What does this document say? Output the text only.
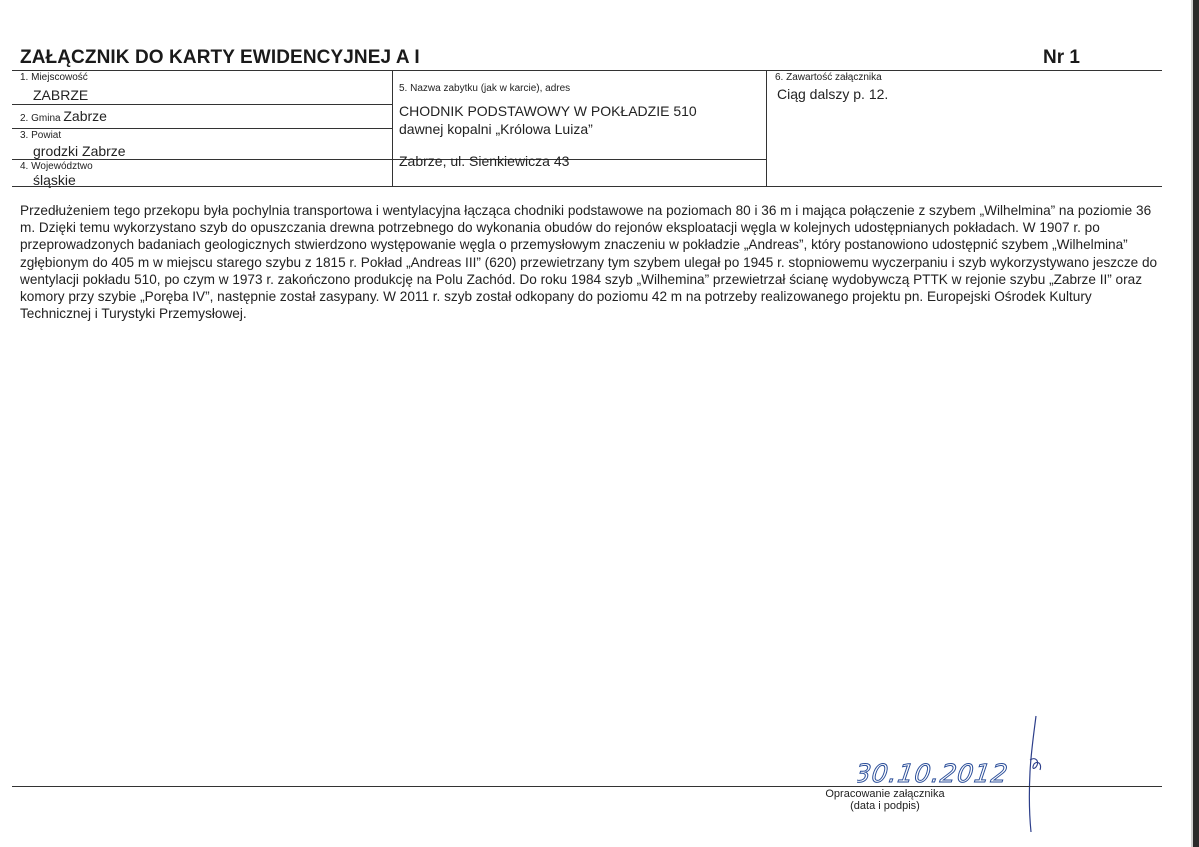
ZAŁĄCZNIK DO KARTY EWIDENCYJNEJ A I	Nr 1
1. Miejscowość
ZABRZE
2. Gmina Zabrze
3. Powiat
grodzki Zabrze
4. Województwo
śląskie
5. Nazwa zabytku (jak w karcie), adres
CHODNIK PODSTAWOWY W POKŁADZIE 510
dawnej kopalni „Królowa Luiza”
Zabrze, ul. Sienkiewicza 43
6. Zawartość załącznika
Ciąg dalszy p. 12.
Przedłużeniem tego przekopu była pochylnia transportowa i wentylacyjna łącząca chodniki podstawowe na poziomach 80 i 36 m i mająca połączenie z szybem „Wilhelmina” na poziomie 36 m. Dzięki temu wykorzystano szyb do opuszczania drewna potrzebnego do wykonania obudów do rejonów eksploatacji węgla w kolejnych udostępnianych pokładach. W 1907 r. po przeprowadzonych badaniach geologicznych stwierdzono występowanie węgla o przemysłowym znaczeniu w pokładzie „Andreas”, który postanowiono udostępnić szybem „Wilhelmina” zgłębionym do 405 m w miejscu starego szybu z 1815 r. Pokład „Andreas III” (620) przewietrzany tym szybem ulegał po 1945 r. stopniowemu wyczerpaniu i szyb wykorzystywano jeszcze do wentylacji pokładu 510, po czym w 1973 r. zakończono produkcję na Polu Zachód. Do roku 1984 szyb „Wilhemina” przewietrzał ścianę wydobywczą PTTK w rejonie szybu „Zabrze II” oraz komory przy szybie „Poręba IV”, następnie został zasypany. W 2011 r. szyb został odkopany do poziomu 42 m na potrzeby realizowanego projektu pn. Europejski Ośrodek Kultury Technicznej i Turystyki Przemysłowej.
30.10.2012
Opracowanie załącznika
(data i podpis)
